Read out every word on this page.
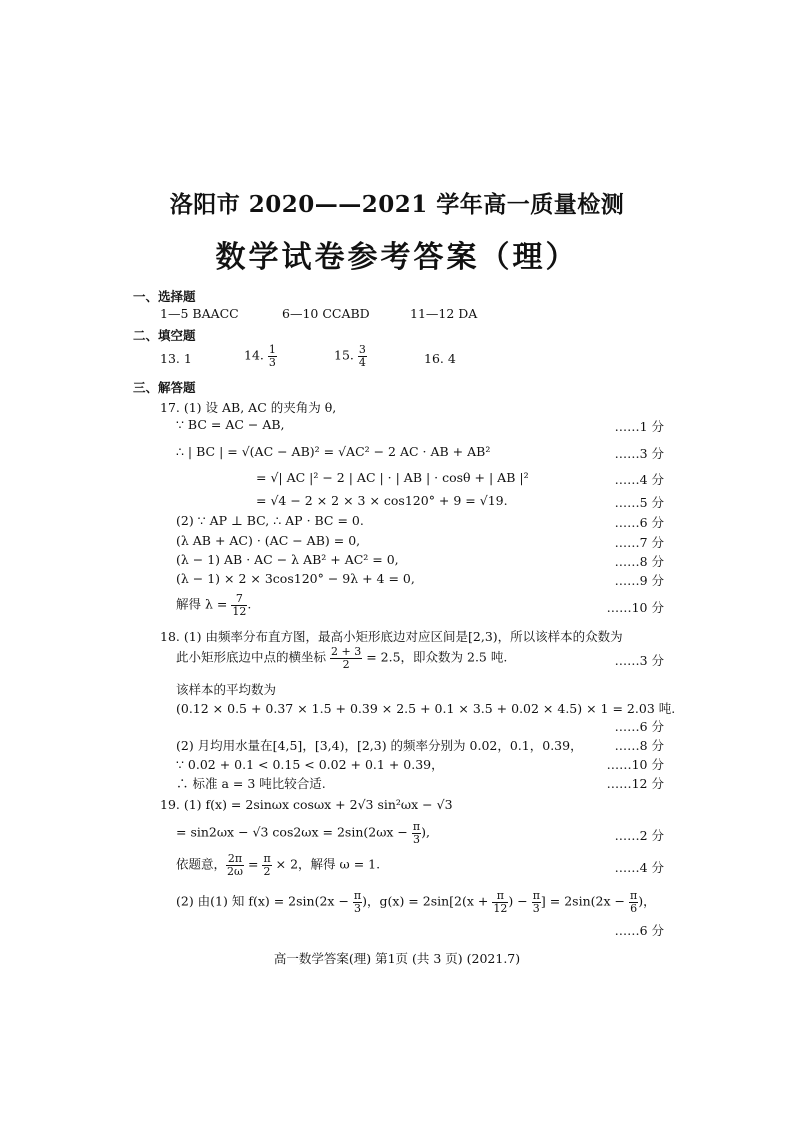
洛阳市 2020——2021 学年高一质量检测
数学试卷参考答案（理）
一、选择题
1—5 BAACC	6—10 CCABD	11—12 DA
二、填空题
13. 1	14. $\frac{1}{3}$	15. $\frac{3}{4}$	16. 4
三、解答题
17. (1) 设 AB, AC 的夹角为 θ,
∵ BC = AC − AB,	……1 分
∴ | BC | = √(AC − AB)² = √AC² − 2 AC · AB + AB²	……3 分
= √| AC |² − 2 | AC | · | AB | · cosθ + | AB |²	……4 分
= √4 − 2 × 2 × 3 × cos120° + 9 = √19.	……5 分
(2) ∵ AP ⊥ BC, ∴ AP · BC = 0.	……6 分
(λ AB + AC) · (AC − AB) = 0,	……7 分
(λ − 1) AB · AC − λ AB² + AC² = 0,	……8 分
(λ − 1) × 2 × 3cos120° − 9λ + 4 = 0,	……9 分
解得 $\lambda = \frac{7}{12}$ .	……10 分
18. (1) 由频率分布直方图，最高小矩形底边对应区间是[2,3)，所以该样本的众数为
此小矩形底边中点的横坐标 $\frac{2 + 3}{2} = 2.5$，即众数为 2.5 吨.	……3 分
该样本的平均数为
(0.12 × 0.5 + 0.37 × 1.5 + 0.39 × 2.5 + 0.1 × 3.5 + 0.02 × 4.5) × 1 = 2.03 吨.
……6 分
(2) 月均用水量在[4,5]，[3,4)，[2,3) 的频率分别为 0.02，0.1，0.39，	……8 分
∵ 0.02 + 0.1 < 0.15 < 0.02 + 0.1 + 0.39，	……10 分
∴ 标准 a = 3 吨比较合适.	……12 分
19. (1) f(x) = 2sinωx cosωx + 2√3 sin²ωx − √3
= sin2ωx − √3 $\cos 2\omega x = 2\sin(2\omega x - \frac{\pi}{3}$ ),	……2 分
依题意， $\frac{2\pi}{2\omega} = \frac{\pi}{2} \times 2$，解得 ω = 1.	……4 分
(2) 由(1) 知 $f(x) = 2\sin(2x - \frac{\pi}{3}$ )，$g(x) = 2\sin[2(x + \frac{\pi}{12}$ ) − $\frac{\pi}{3}$ ] = $2\sin(2x - \frac{\pi}{6}$ )，
……6 分
高一数学答案(理) 第1页 (共 3 页) (2021.7)
